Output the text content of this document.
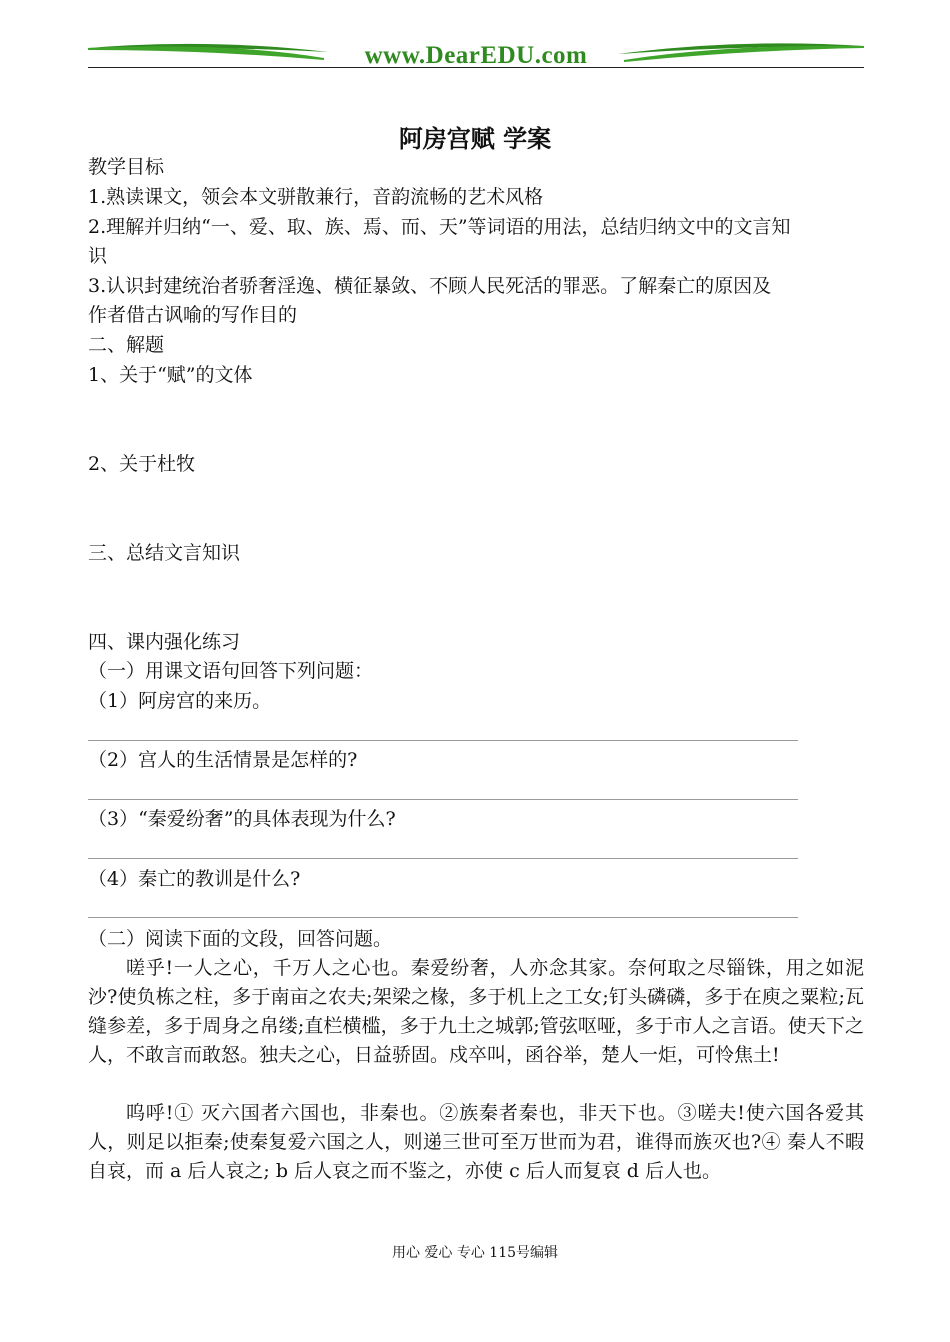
www.DearEDU.com
阿房宫赋 学案
教学目标
1.熟读课文，领会本文骈散兼行，音韵流畅的艺术风格
2.理解并归纳“一、爱、取、族、焉、而、天”等词语的用法，总结归纳文中的文言知
识
3.认识封建统治者骄奢淫逸、横征暴敛、不顾人民死活的罪恶。了解秦亡的原因及
作者借古讽喻的写作目的
二、解题
1、关于“赋”的文体
2、关于杜牧
三、总结文言知识
四、课内强化练习
（一）用课文语句回答下列问题：
（1）阿房宫的来历。
（2）宫人的生活情景是怎样的?
（3）“秦爱纷奢”的具体表现为什么?
（4）秦亡的教训是什么?
（二）阅读下面的文段，回答问题。
嗟乎!一人之心，千万人之心也。秦爱纷奢，人亦念其家。奈何取之尽锱铢，用之如泥沙?使负栋之柱，多于南亩之农夫;架梁之椽，多于机上之工女;钉头磷磷，多于在庾之粟粒;瓦缝参差，多于周身之帛缕;直栏横槛，多于九土之城郭;管弦呕哑，多于市人之言语。使天下之人，不敢言而敢怒。独夫之心，日益骄固。戍卒叫，函谷举，楚人一炬，可怜焦土!
呜呼!① 灭六国者六国也，非秦也。②族秦者秦也，非天下也。③嗟夫!使六国各爱其人，则足以拒秦;使秦复爱六国之人，则递三世可至万世而为君，谁得而族灭也?④ 秦人不暇自哀，而 a 后人哀之; b 后人哀之而不鉴之，亦使 c 后人而复哀 d 后人也。
用心 爱心 专心 115号编辑
